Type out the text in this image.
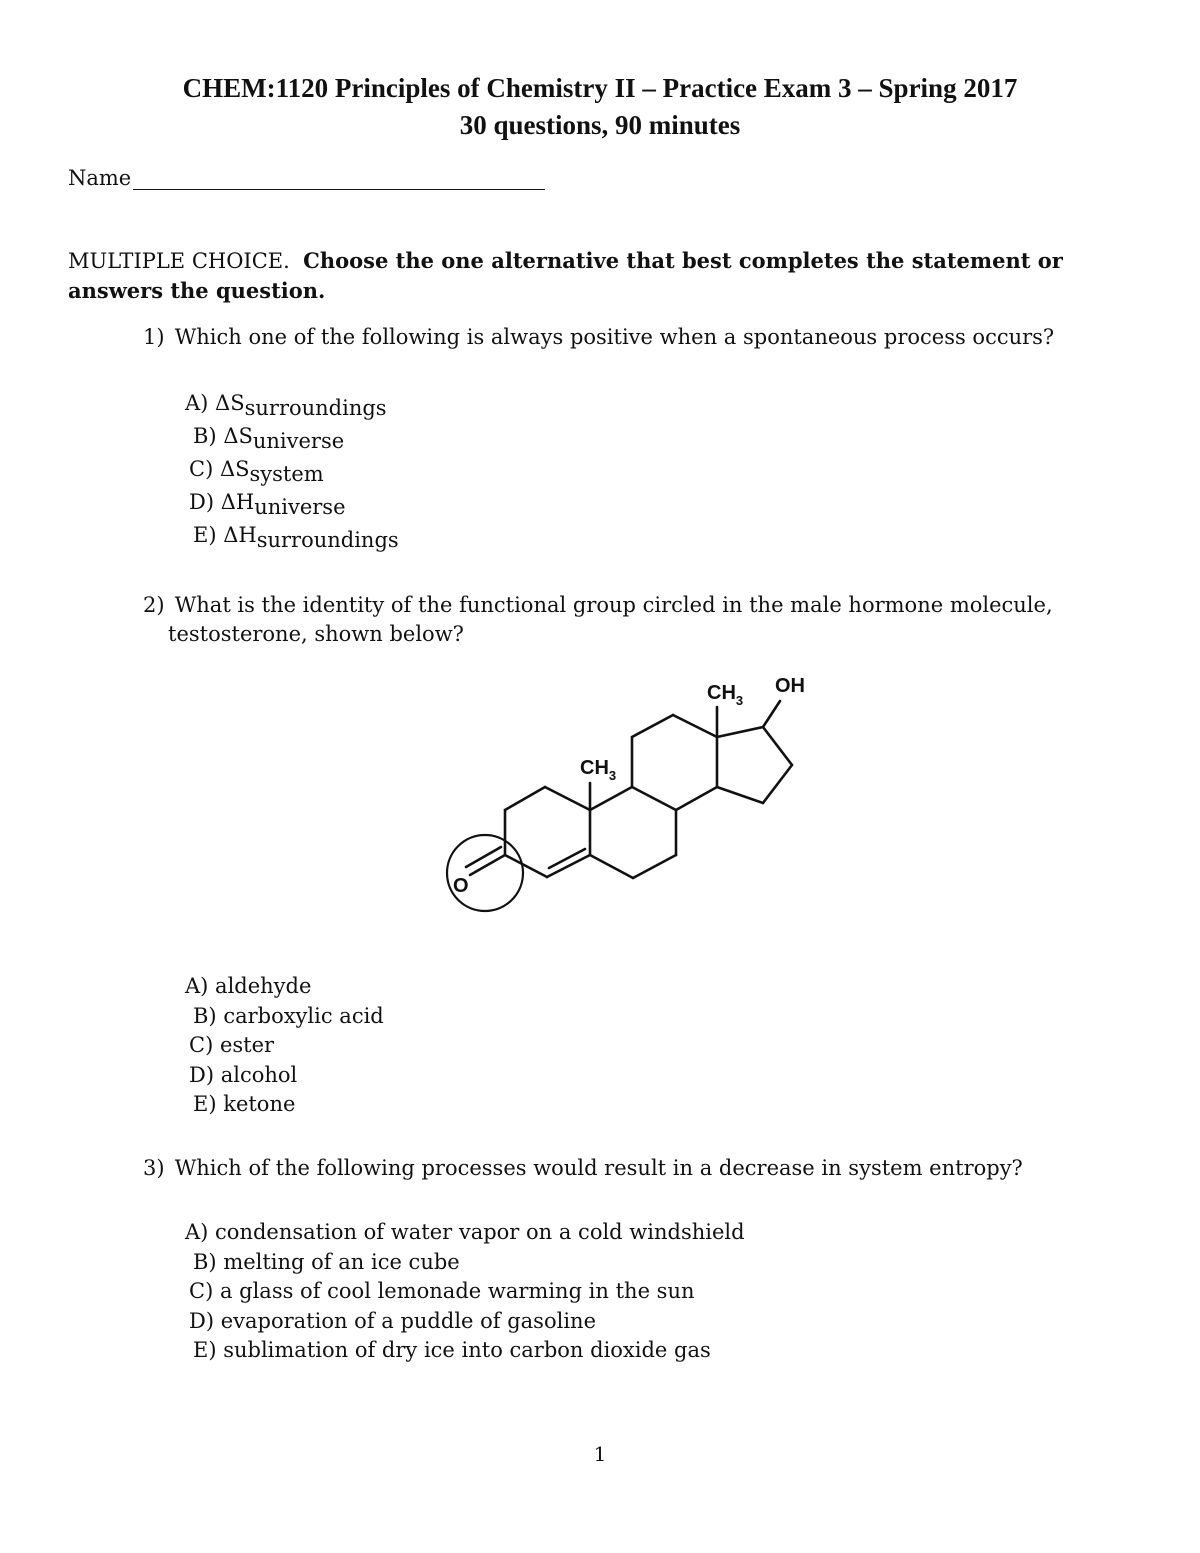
CHEM:1120 Principles of Chemistry II – Practice Exam 3 – Spring 2017
30 questions, 90 minutes
Name
MULTIPLE CHOICE. Choose the one alternative that best completes the statement or answers the question.
1) Which one of the following is always positive when a spontaneous process occurs?
A) ΔSsurroundings
B) ΔSuniverse
C) ΔSsystem
D) ΔHuniverse
E) ΔHsurroundings
2) What is the identity of the functional group circled in the male hormone molecule,
testosterone, shown below?
$CH_3$
$CH_3$
OH
O
A) aldehyde
B) carboxylic acid
C) ester
D) alcohol
E) ketone
3) Which of the following processes would result in a decrease in system entropy?
A) condensation of water vapor on a cold windshield
B) melting of an ice cube
C) a glass of cool lemonade warming in the sun
D) evaporation of a puddle of gasoline
E) sublimation of dry ice into carbon dioxide gas
1
